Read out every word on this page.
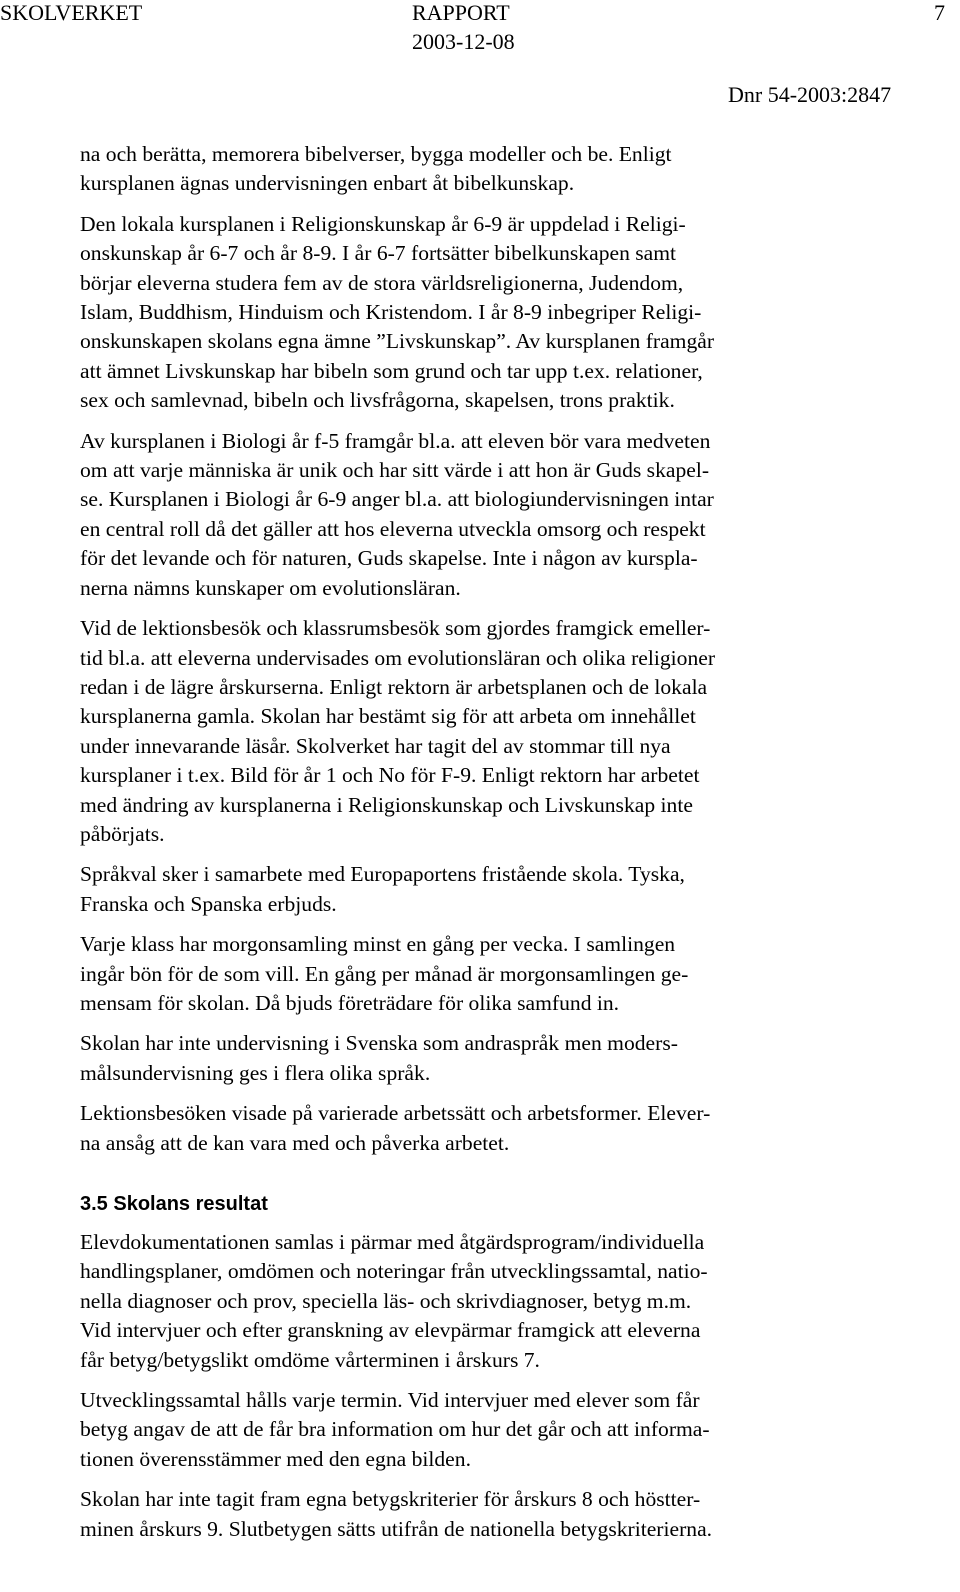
SKOLVERKET	RAPPORT	7
2003-12-08
Dnr 54-2003:2847

na och berätta, memorera bibelverser, bygga modeller och be. Enligt
kursplanen ägnas undervisningen enbart åt bibelkunskap.

Den lokala kursplanen i Religionskunskap år 6-9 är uppdelad i Religi-
onskunskap år 6-7 och år 8-9. I år 6-7 fortsätter bibelkunskapen samt
börjar eleverna studera fem av de stora världsreligionerna, Judendom,
Islam, Buddhism, Hinduism och Kristendom. I år 8-9 inbegriper Religi-
onskunskapen skolans egna ämne ”Livskunskap”. Av kursplanen framgår
att ämnet Livskunskap har bibeln som grund och tar upp t.ex. relationer,
sex och samlevnad, bibeln och livsfrågorna, skapelsen, trons praktik.

Av kursplanen i Biologi år f-5 framgår bl.a. att eleven bör vara medveten
om att varje människa är unik och har sitt värde i att hon är Guds skapel-
se. Kursplanen i Biologi år 6-9 anger bl.a. att biologiundervisningen intar
en central roll då det gäller att hos eleverna utveckla omsorg och respekt
för det levande och för naturen, Guds skapelse. Inte i någon av kurspla-
nerna nämns kunskaper om evolutionsläran.

Vid de lektionsbesök och klassrumsbesök som gjordes framgick emeller-
tid bl.a. att eleverna undervisades om evolutionsläran och olika religioner
redan i de lägre årskurserna. Enligt rektorn är arbetsplanen och de lokala
kursplanerna gamla. Skolan har bestämt sig för att arbeta om innehållet
under innevarande läsår. Skolverket har tagit del av stommar till nya
kursplaner i t.ex. Bild för år 1 och No för F-9. Enligt rektorn har arbetet
med ändring av kursplanerna i Religionskunskap och Livskunskap inte
påbörjats.

Språkval sker i samarbete med Europaportens fristående skola. Tyska,
Franska och Spanska erbjuds.

Varje klass har morgonsamling minst en gång per vecka. I samlingen
ingår bön för de som vill. En gång per månad är morgonsamlingen ge-
mensam för skolan. Då bjuds företrädare för olika samfund in.

Skolan har inte undervisning i Svenska som andraspråk men moders-
målsundervisning ges i flera olika språk.

Lektionsbesöken visade på varierade arbetssätt och arbetsformer. Elever-
na ansåg att de kan vara med och påverka arbetet.

3.5 Skolans resultat

Elevdokumentationen samlas i pärmar med åtgärdsprogram/individuella
handlingsplaner, omdömen och noteringar från utvecklingssamtal, natio-
nella diagnoser och prov, speciella läs- och skrivdiagnoser, betyg m.m.
Vid intervjuer och efter granskning av elevpärmar framgick att eleverna
får betyg/betygslikt omdöme vårterminen i årskurs 7.

Utvecklingssamtal hålls varje termin. Vid intervjuer med elever som får
betyg angav de att de får bra information om hur det går och att informa-
tionen överensstämmer med den egna bilden.

Skolan har inte tagit fram egna betygskriterier för årskurs 8 och höstter-
minen årskurs 9. Slutbetygen sätts utifrån de nationella betygskriterierna.
